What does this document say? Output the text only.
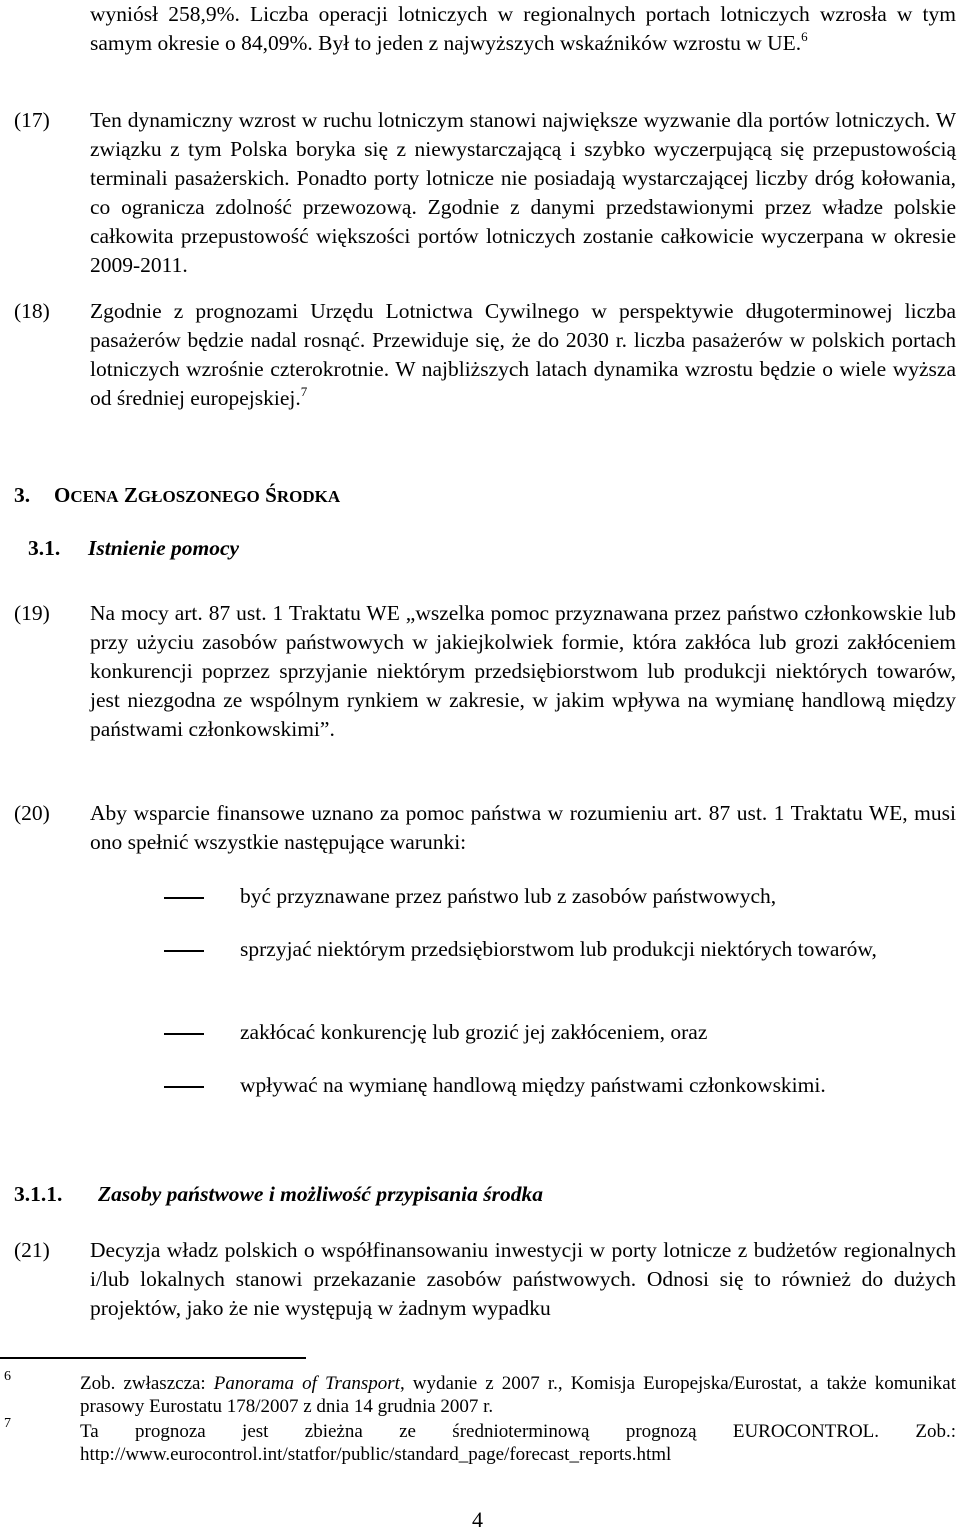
wyniósł 258,9%. Liczba operacji lotniczych w regionalnych portach lotniczych wzrosła w tym samym okresie o 84,09%. Był to jeden z najwyższych wskaźników wzrostu w UE.$^6$
(17) Ten dynamiczny wzrost w ruchu lotniczym stanowi największe wyzwanie dla portów lotniczych. W związku z tym Polska boryka się z niewystarczającą i szybko wyczerpującą się przepustowością terminali pasażerskich. Ponadto porty lotnicze nie posiadają wystarczającej liczby dróg kołowania, co ogranicza zdolność przewozową. Zgodnie z danymi przedstawionymi przez władze polskie całkowita przepustowość większości portów lotniczych zostanie całkowicie wyczerpana w okresie 2009-2011.
(18) Zgodnie z prognozami Urzędu Lotnictwa Cywilnego w perspektywie długoterminowej liczba pasażerów będzie nadal rosnąć. Przewiduje się, że do 2030 r. liczba pasażerów w polskich portach lotniczych wzrośnie czterokrotnie. W najbliższych latach dynamika wzrostu będzie o wiele wyższa od średniej europejskiej.$^7$
3. OCENA ZGŁOSZONEGO ŚRODKA
3.1. Istnienie pomocy
(19) Na mocy art. 87 ust. 1 Traktatu WE „wszelka pomoc przyznawana przez państwo członkowskie lub przy użyciu zasobów państwowych w jakiejkolwiek formie, która zakłóca lub grozi zakłóceniem konkurencji poprzez sprzyjanie niektórym przedsiębiorstwom lub produkcji niektórych towarów, jest niezgodna ze wspólnym rynkiem w zakresie, w jakim wpływa na wymianę handlową między państwami członkowskimi”.
(20) Aby wsparcie finansowe uznano za pomoc państwa w rozumieniu art. 87 ust. 1 Traktatu WE, musi ono spełnić wszystkie następujące warunki:
być przyznawane przez państwo lub z zasobów państwowych,
sprzyjać niektórym przedsiębiorstwom lub produkcji niektórych towarów,
zakłócać konkurencję lub grozić jej zakłóceniem, oraz
wpływać na wymianę handlową między państwami członkowskimi.
3.1.1. Zasoby państwowe i możliwość przypisania środka
(21) Decyzja władz polskich o współfinansowaniu inwestycji w porty lotnicze z budżetów regionalnych i/lub lokalnych stanowi przekazanie zasobów państwowych. Odnosi się to również do dużych projektów, jako że nie występują w żadnym wypadku
6	Zob. zwłaszcza: Panorama of Transport, wydanie z 2007 r., Komisja Europejska/Eurostat, a także komunikat prasowy Eurostatu 178/2007 z dnia 14 grudnia 2007 r.
7	Ta prognoza jest zbieżna ze średnioterminową prognozą EUROCONTROL. Zob.: http://www.eurocontrol.int/statfor/public/standard_page/forecast_reports.html
4
